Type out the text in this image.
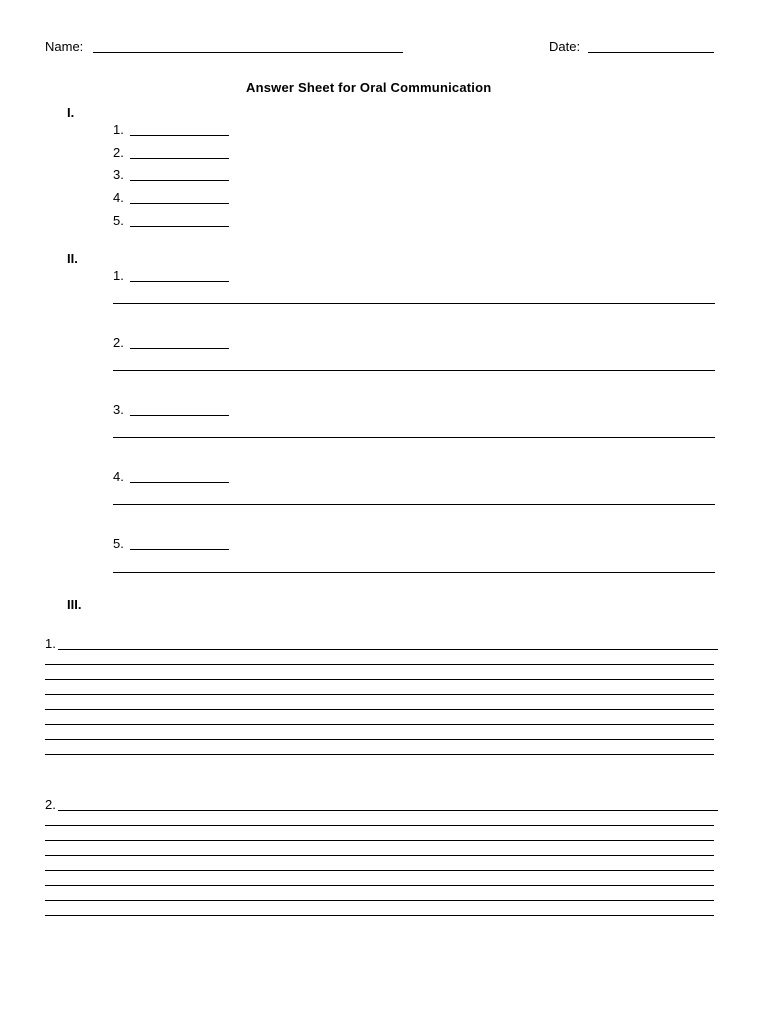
Name:	Date:
Answer Sheet for Oral Communication
I.
1.
2.
3.
4.
5.
II.
1.
2.
3.
4.
5.
III.
1.
2.
